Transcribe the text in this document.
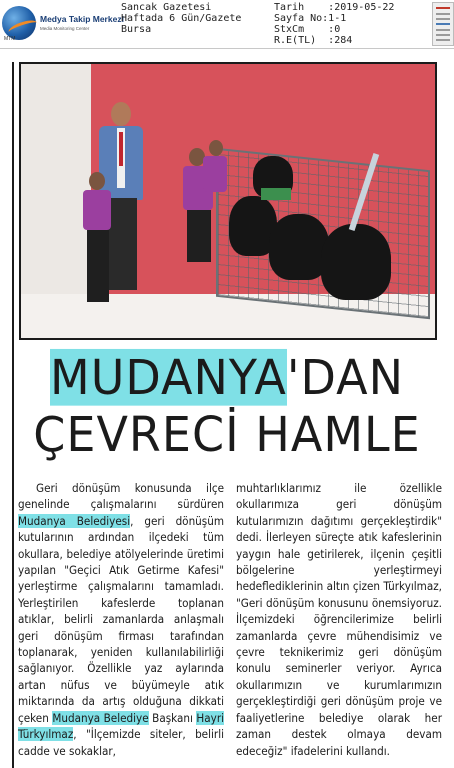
MTM
Medya Takip Merkezi
Media Monitoring Center
Sancak Gazetesi
Haftada 6 Gün/Gazete
Bursa
Tarih    :2019-05-22
Sayfa No:1-1
StxCm    :0
R.E(TL)  :284
MUDANYA'DAN
ÇEVRECİ HAMLE

Geri dönüşüm konusunda ilçe genelinde çalışmalarını sürdüren Mudanya Belediyesi, geri dönüşüm kutularının ardından ilçedeki tüm okullara, belediye atölyelerinde üretimi yapılan "Geçici Atık Getirme Kafesi" yerleştirme çalışmalarını tamamladı. Yerleştirilen kafeslerde toplanan atıklar, belirli zamanlarda anlaşmalı geri dönüşüm firması tarafından toplanarak, yeniden kullanılabilirliği sağlanıyor. Özellikle yaz aylarında artan nüfus ve büyümeyle atık miktarında da artış olduğuna dikkati çeken Mudanya Belediye Başkanı Hayri Türkyılmaz, "İlçemizde siteler, belirli cadde ve sokaklar,

muhtarlıklarımız ile özellikle okullarımıza geri dönüşüm kutularımızın dağıtımı gerçekleştirdik" dedi. İlerleyen süreçte atık kafeslerinin yaygın hale getirilerek, ilçenin çeşitli bölgelerine yerleştirmeyi hedeflediklerinin altın çizen Türkyılmaz, "Geri dönüşüm konusunu önemsiyoruz. İlçemizdeki öğrencilerimize belirli zamanlarda çevre mühendisimiz ve çevre teknikerimiz geri dönüşüm konulu seminerler veriyor. Ayrıca okullarımızın ve kurumlarımızın gerçekleştirdiği geri dönüşüm proje ve faaliyetlerine belediye olarak her zaman destek olmaya devam edeceğiz" ifadelerini kullandı.
